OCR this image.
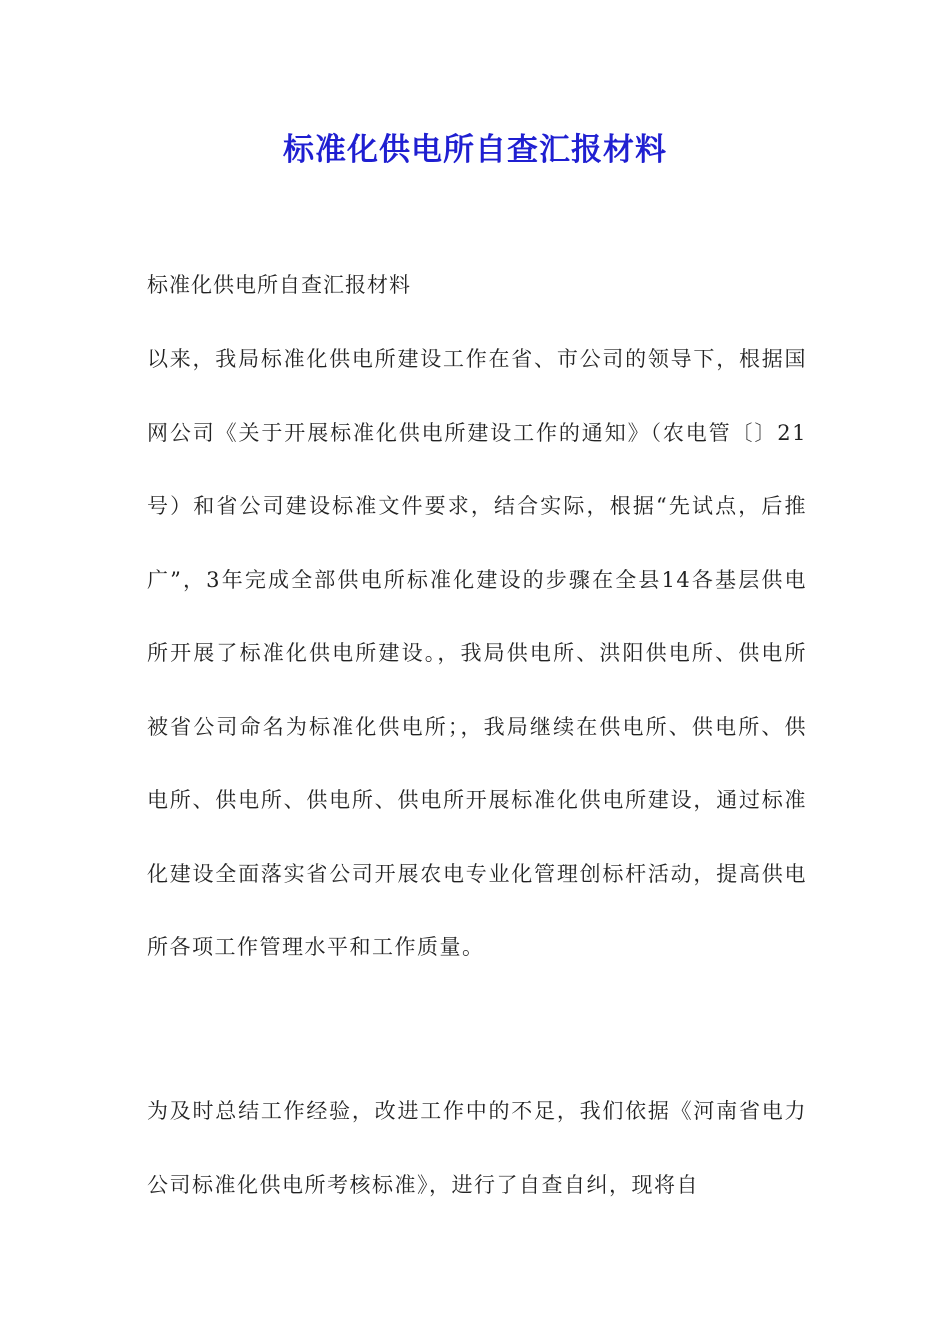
标准化供电所自查汇报材料

标准化供电所自查汇报材料

以来，我局标准化供电所建设工作在省、市公司的领导下，根据国网公司《关于开展标准化供电所建设工作的通知》（农电管〔〕21号）和省公司建设标准文件要求，结合实际，根据“先试点，后推广”，3年完成全部供电所标准化建设的步骤在全县14各基层供电所开展了标准化供电所建设。，我局供电所、洪阳供电所、供电所被省公司命名为标准化供电所；，我局继续在供电所、供电所、供电所、供电所、供电所、供电所开展标准化供电所建设，通过标准化建设全面落实省公司开展农电专业化管理创标杆活动，提高供电所各项工作管理水平和工作质量。

为及时总结工作经验，改进工作中的不足，我们依据《河南省电力公司标准化供电所考核标准》，进行了自查自纠，现将自
